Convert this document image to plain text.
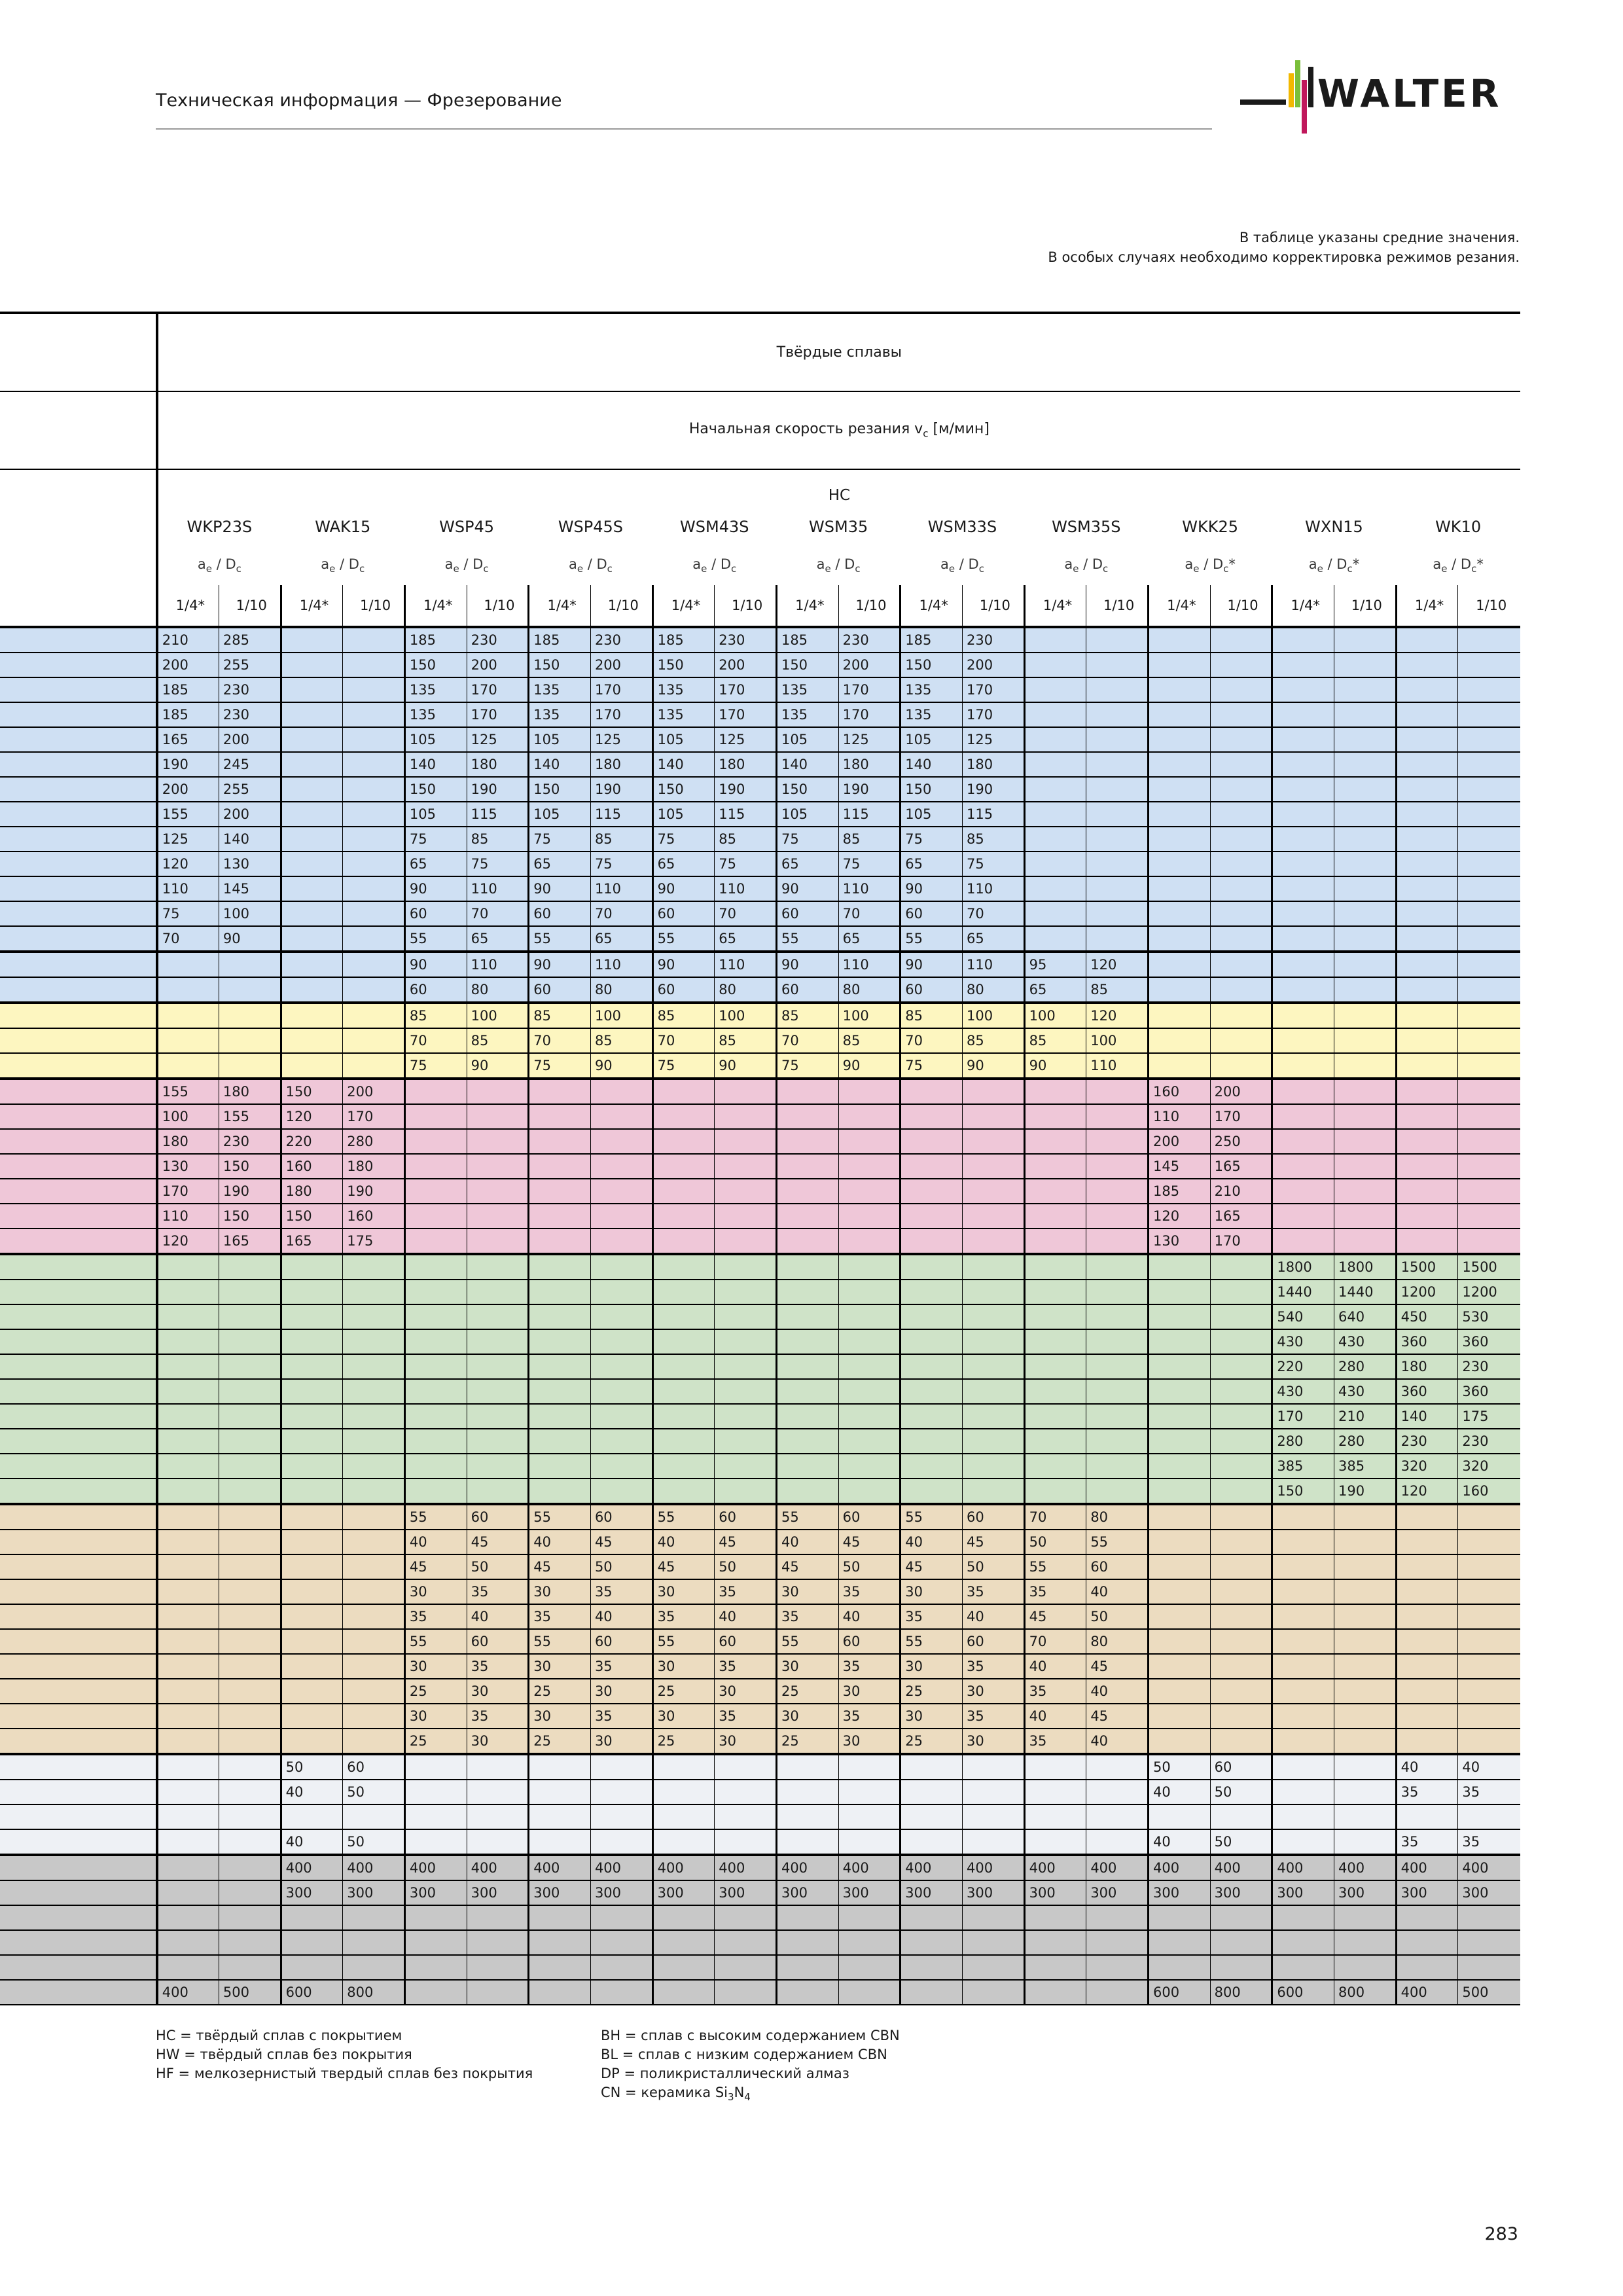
Техническая информация — Фрезерование	WALTER
В таблице указаны средние значения.
В особых случаях необходимо корректировка режимов резания.
	Твёрдые сплавы																					
	Начальная скорость резания $v_c$ [м/мин]																					
	HC																					
	WKP23S		WAK15		WSP45		WSP45S		WSM43S		WSM35		WSM33S		WSM35S		WKK25		WXN15		WK10	
	$a_e / D_c$		$a_e / D_c$		$a_e / D_c$		$a_e / D_c$		$a_e / D_c$		$a_e / D_c$		$a_e / D_c$		$a_e / D_c$		$a_e / D_c*$		$a_e / D_c*$		$a_e / D_c*$	
	1/4*	1/10	1/4*	1/10	1/4*	1/10	1/4*	1/10	1/4*	1/10	1/4*	1/10	1/4*	1/10	1/4*	1/10	1/4*	1/10	1/4*	1/10	1/4*	1/10
	210	285			185	230	185	230	185	230	185	230	185	230								
	200	255			150	200	150	200	150	200	150	200	150	200								
	185	230			135	170	135	170	135	170	135	170	135	170								
	185	230			135	170	135	170	135	170	135	170	135	170								
	165	200			105	125	105	125	105	125	105	125	105	125								
	190	245			140	180	140	180	140	180	140	180	140	180								
	200	255			150	190	150	190	150	190	150	190	150	190								
	155	200			105	115	105	115	105	115	105	115	105	115								
	125	140			75	85	75	85	75	85	75	85	75	85								
	120	130			65	75	65	75	65	75	65	75	65	75								
	110	145			90	110	90	110	90	110	90	110	90	110								
	75	100			60	70	60	70	60	70	60	70	60	70								
	70	90			55	65	55	65	55	65	55	65	55	65								
					90	110	90	110	90	110	90	110	90	110	95	120						
					60	80	60	80	60	80	60	80	60	80	65	85						
					85	100	85	100	85	100	85	100	85	100	100	120						
					70	85	70	85	70	85	70	85	70	85	85	100						
					75	90	75	90	75	90	75	90	75	90	90	110						
	155	180	150	200													160	200				
	100	155	120	170													110	170				
	180	230	220	280													200	250				
	130	150	160	180													145	165				
	170	190	180	190													185	210				
	110	150	150	160													120	165				
	120	165	165	175													130	170				
																			1800	1800	1500	1500
																			1440	1440	1200	1200
																			540	640	450	530
																			430	430	360	360
																			220	280	180	230
																			430	430	360	360
																			170	210	140	175
																			280	280	230	230
																			385	385	320	320
																			150	190	120	160
					55	60	55	60	55	60	55	60	55	60	70	80						
					40	45	40	45	40	45	40	45	40	45	50	55						
					45	50	45	50	45	50	45	50	45	50	55	60						
					30	35	30	35	30	35	30	35	30	35	35	40						
					35	40	35	40	35	40	35	40	35	40	45	50						
					55	60	55	60	55	60	55	60	55	60	70	80						
					30	35	30	35	30	35	30	35	30	35	40	45						
					25	30	25	30	25	30	25	30	25	30	35	40						
					30	35	30	35	30	35	30	35	30	35	40	45						
					25	30	25	30	25	30	25	30	25	30	35	40						
			50	60													50	60			40	40
			40	50													40	50			35	35

			40	50													40	50			35	35
			400	400	400	400	400	400	400	400	400	400	400	400	400	400	400	400	400	400	400	400
			300	300	300	300	300	300	300	300	300	300	300	300	300	300	300	300	300	300	300	300

	400	500	600	800													600	800	600	800	400	500
HC = твёрдый сплав с покрытием
HW = твёрдый сплав без покрытия
HF = мелкозернистый твердый сплав без покрытия
BH = сплав с высоким содержанием CBN
BL = сплав с низким содержанием CBN
DP = поликристаллический алмаз
CN = керамика $Si_3N_4$
283
